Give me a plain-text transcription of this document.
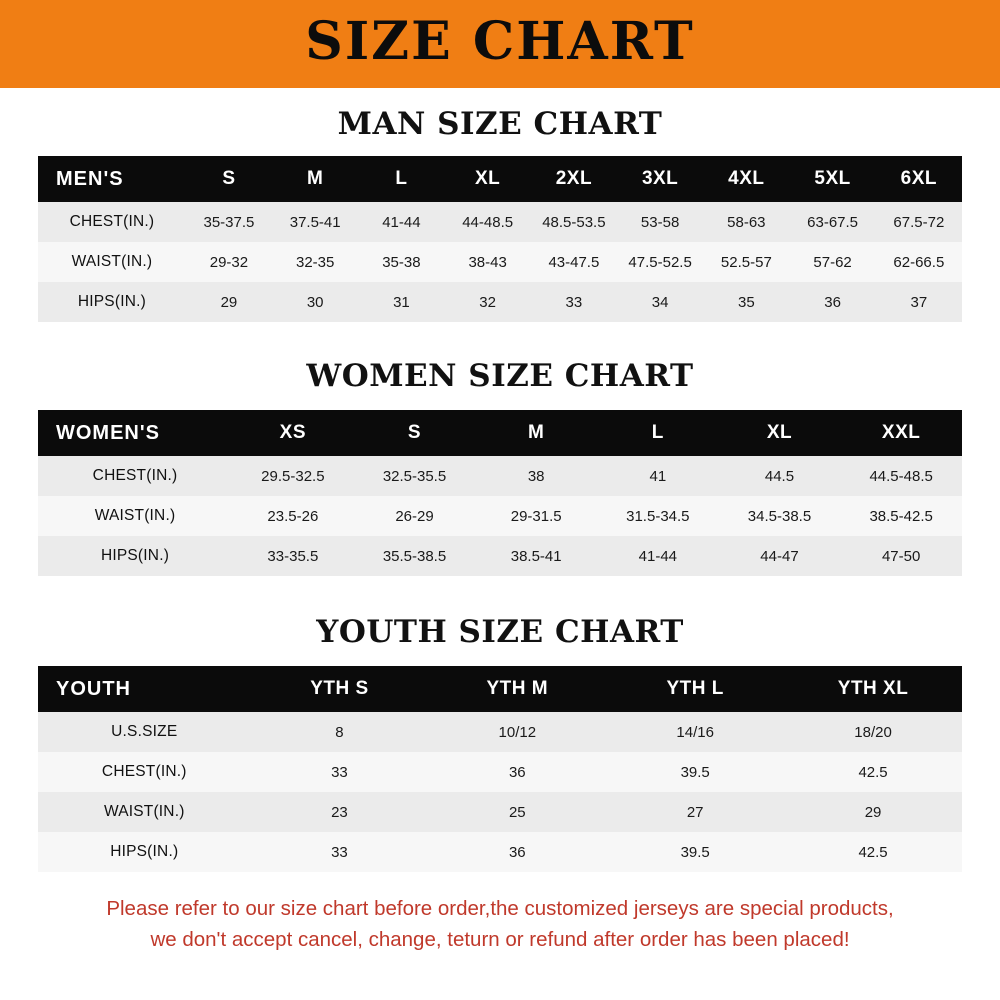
SIZE CHART
MAN SIZE CHART
MEN'S	S	M	L	XL	2XL	3XL	4XL	5XL	6XL
CHEST(IN.)	35-37.5	37.5-41	41-44	44-48.5	48.5-53.5	53-58	58-63	63-67.5	67.5-72
WAIST(IN.)	29-32	32-35	35-38	38-43	43-47.5	47.5-52.5	52.5-57	57-62	62-66.5
HIPS(IN.)	29	30	31	32	33	34	35	36	37
WOMEN SIZE CHART
WOMEN'S	XS	S	M	L	XL	XXL
CHEST(IN.)	29.5-32.5	32.5-35.5	38	41	44.5	44.5-48.5
WAIST(IN.)	23.5-26	26-29	29-31.5	31.5-34.5	34.5-38.5	38.5-42.5
HIPS(IN.)	33-35.5	35.5-38.5	38.5-41	41-44	44-47	47-50
YOUTH SIZE CHART
YOUTH	YTH S	YTH M	YTH L	YTH XL
U.S.SIZE	8	10/12	14/16	18/20
CHEST(IN.)	33	36	39.5	42.5
WAIST(IN.)	23	25	27	29
HIPS(IN.)	33	36	39.5	42.5
Please refer to our size chart before order,the customized jerseys are special products,
we don't accept cancel, change, teturn or refund after order has been placed!
